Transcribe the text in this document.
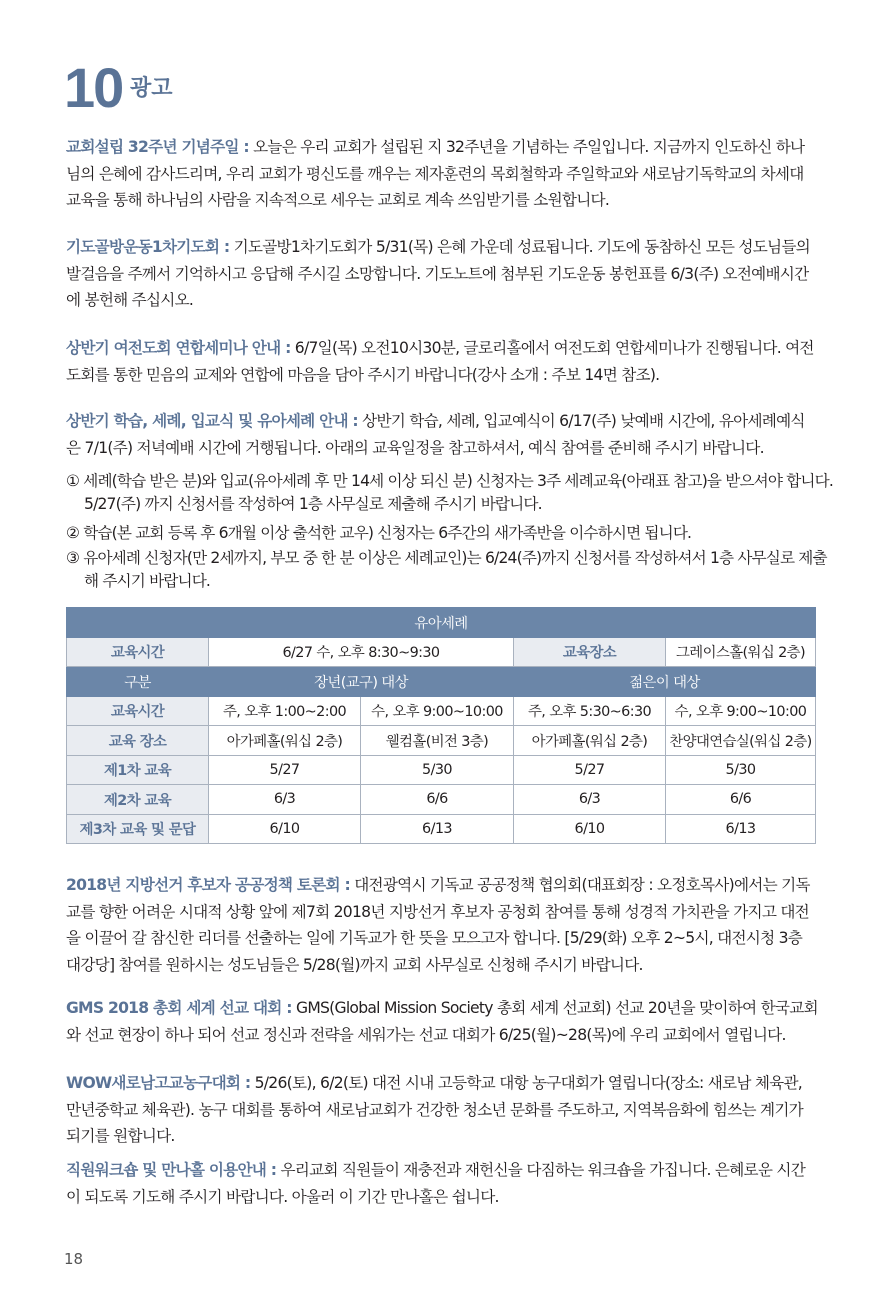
10 광고

교회설립 32주년 기념주일 : 오늘은 우리 교회가 설립된 지 32주년을 기념하는 주일입니다. 지금까지 인도하신 하나님의 은혜에 감사드리며, 우리 교회가 평신도를 깨우는 제자훈련의 목회철학과 주일학교와 새로남기독학교의 차세대 교육을 통해 하나님의 사람을 지속적으로 세우는 교회로 계속 쓰임받기를 소원합니다.

기도골방운동1차기도회 : 기도골방1차기도회가 5/31(목) 은혜 가운데 성료됩니다. 기도에 동참하신 모든 성도님들의 발걸음을 주께서 기억하시고 응답해 주시길 소망합니다. 기도노트에 첨부된 기도운동 봉헌표를 6/3(주) 오전예배시간에 봉헌해 주십시오.

상반기 여전도회 연합세미나 안내 : 6/7일(목) 오전10시30분, 글로리홀에서 여전도회 연합세미나가 진행됩니다. 여전도회를 통한 믿음의 교제와 연합에 마음을 담아 주시기 바랍니다(강사 소개 : 주보 14면 참조).

상반기 학습, 세례, 입교식 및 유아세례 안내 : 상반기 학습, 세례, 입교예식이 6/17(주) 낮예배 시간에, 유아세례예식은 7/1(주) 저녁예배 시간에 거행됩니다. 아래의 교육일정을 참고하셔서, 예식 참여를 준비해 주시기 바랍니다.

① 세례(학습 받은 분)와 입교(유아세례 후 만 14세 이상 되신 분) 신청자는 3주 세례교육(아래표 참고)을 받으셔야 합니다. 5/27(주) 까지 신청서를 작성하여 1층 사무실로 제출해 주시기 바랍니다.

② 학습(본 교회 등록 후 6개월 이상 출석한 교우) 신청자는 6주간의 새가족반을 이수하시면 됩니다.

③ 유아세례 신청자(만 2세까지, 부모 중 한 분 이상은 세례교인)는 6/24(주)까지 신청서를 작성하셔서 1층 사무실로 제출해 주시기 바랍니다.

유아세례				
교육시간	6/27 수, 오후 8:30~9:30		교육장소	그레이스홀(워십 2층)
구분	장년(교구) 대상		젊은이 대상	
교육시간	주, 오후 1:00~2:00	수, 오후 9:00~10:00	주, 오후 5:30~6:30	수, 오후 9:00~10:00
교육 장소	아가페홀(워십 2층)	웰컴홀(비전 3층)	아가페홀(워십 2층)	찬양대연습실(워십 2층)
제1차 교육	5/27	5/30	5/27	5/30
제2차 교육	6/3	6/6	6/3	6/6
제3차 교육 및 문답	6/10	6/13	6/10	6/13

2018년 지방선거 후보자 공공정책 토론회 : 대전광역시 기독교 공공정책 협의회(대표회장 : 오정호목사)에서는 기독교를 향한 어려운 시대적 상황 앞에 제7회 2018년 지방선거 후보자 공청회 참여를 통해 성경적 가치관을 가지고 대전을 이끌어 갈 참신한 리더를 선출하는 일에 기독교가 한 뜻을 모으고자 합니다. [5/29(화) 오후 2~5시, 대전시청 3층 대강당] 참여를 원하시는 성도님들은 5/28(월)까지 교회 사무실로 신청해 주시기 바랍니다.

GMS 2018 총회 세계 선교 대회 : GMS(Global Mission Society 총회 세계 선교회) 선교 20년을 맞이하여 한국교회와 선교 현장이 하나 되어 선교 정신과 전략을 세워가는 선교 대회가 6/25(월)~28(목)에 우리 교회에서 열립니다.

WOW새로남고교농구대회 : 5/26(토), 6/2(토) 대전 시내 고등학교 대항 농구대회가 열립니다(장소: 새로남 체육관, 만년중학교 체육관). 농구 대회를 통하여 새로남교회가 건강한 청소년 문화를 주도하고, 지역복음화에 힘쓰는 계기가 되기를 원합니다.

직원워크숍 및 만나홀 이용안내 : 우리교회 직원들이 재충전과 재헌신을 다짐하는 워크숍을 가집니다. 은혜로운 시간이 되도록 기도해 주시기 바랍니다. 아울러 이 기간 만나홀은 쉽니다.

18
